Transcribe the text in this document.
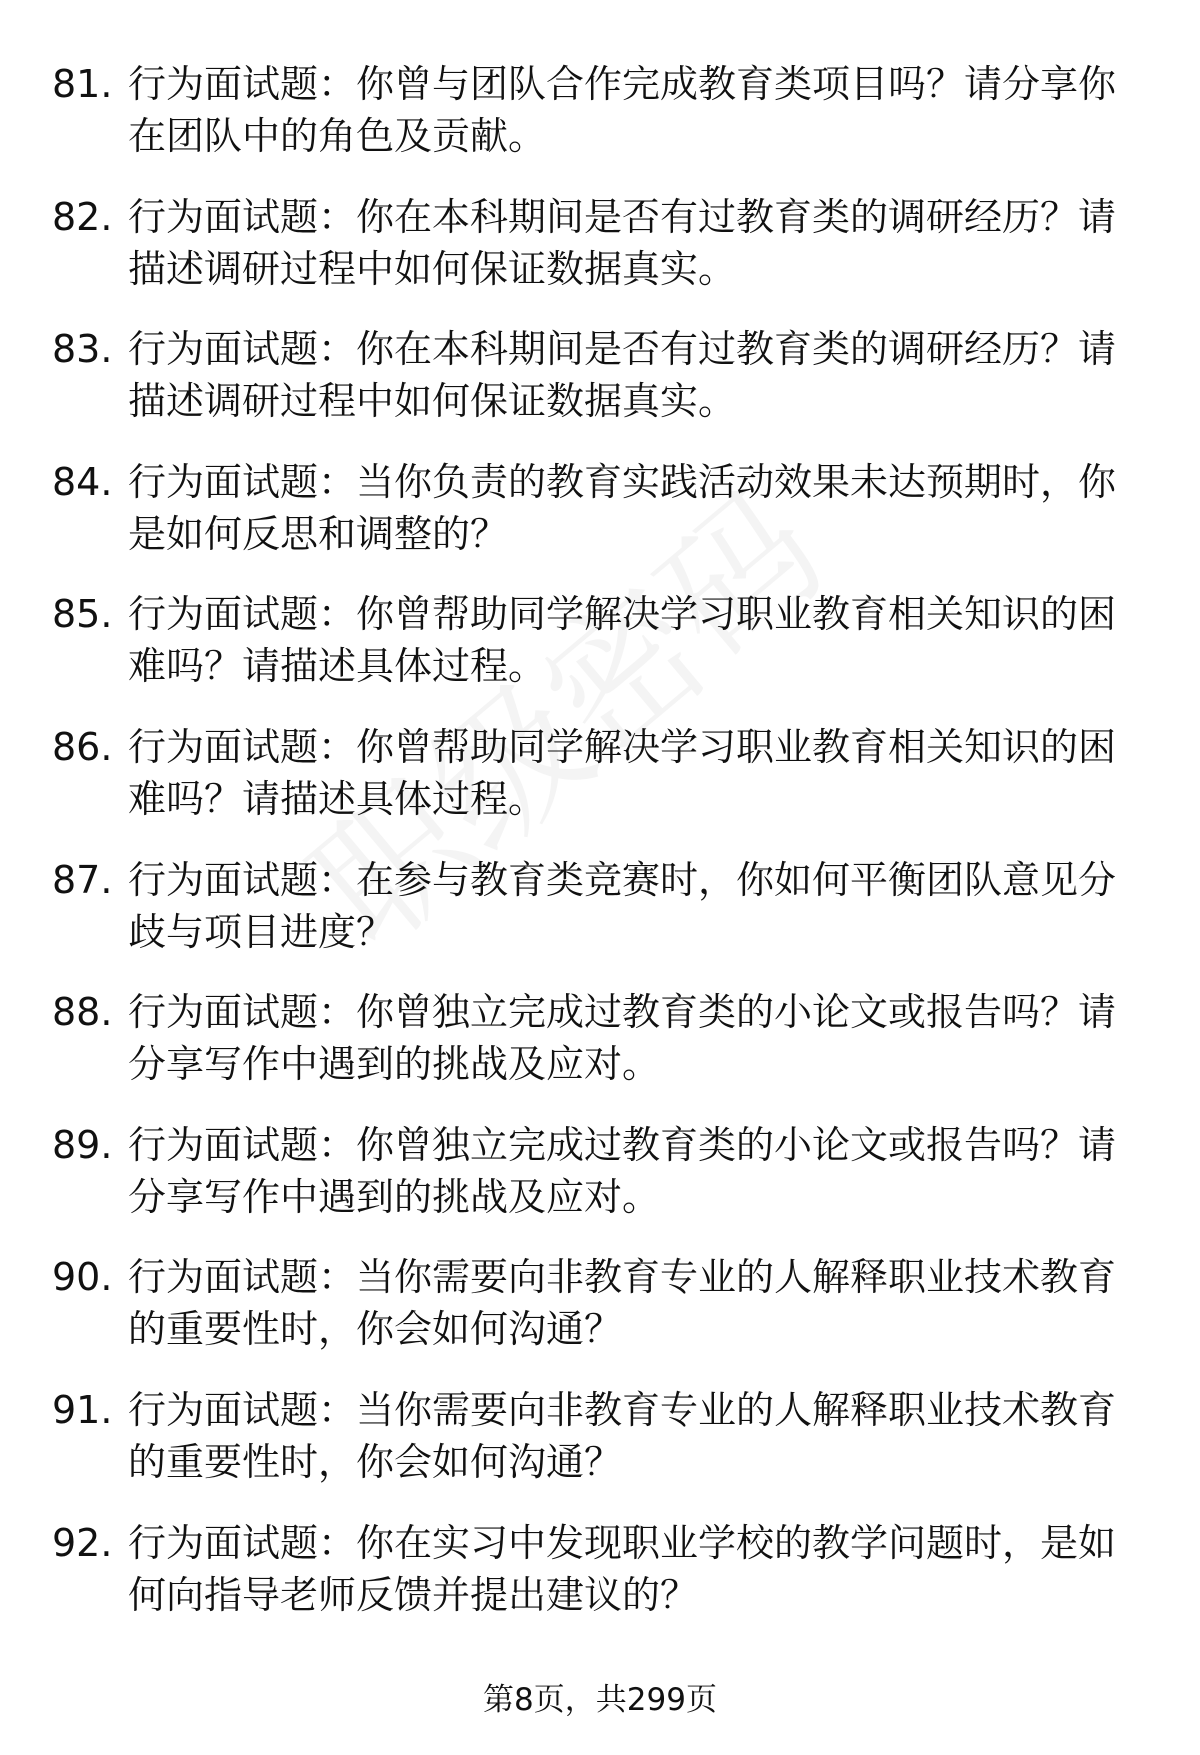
81. 行为面试题：你曾与团队合作完成教育类项目吗？请分享你在团队中的角色及贡献。
82. 行为面试题：你在本科期间是否有过教育类的调研经历？请描述调研过程中如何保证数据真实。
83. 行为面试题：你在本科期间是否有过教育类的调研经历？请描述调研过程中如何保证数据真实。
84. 行为面试题：当你负责的教育实践活动效果未达预期时，你是如何反思和调整的？
85. 行为面试题：你曾帮助同学解决学习职业教育相关知识的困难吗？请描述具体过程。
86. 行为面试题：你曾帮助同学解决学习职业教育相关知识的困难吗？请描述具体过程。
87. 行为面试题：在参与教育类竞赛时，你如何平衡团队意见分歧与项目进度？
88. 行为面试题：你曾独立完成过教育类的小论文或报告吗？请分享写作中遇到的挑战及应对。
89. 行为面试题：你曾独立完成过教育类的小论文或报告吗？请分享写作中遇到的挑战及应对。
90. 行为面试题：当你需要向非教育专业的人解释职业技术教育的重要性时，你会如何沟通？
91. 行为面试题：当你需要向非教育专业的人解释职业技术教育的重要性时，你会如何沟通？
92. 行为面试题：你在实习中发现职业学校的教学问题时，是如何向指导老师反馈并提出建议的？
第8页，共299页
